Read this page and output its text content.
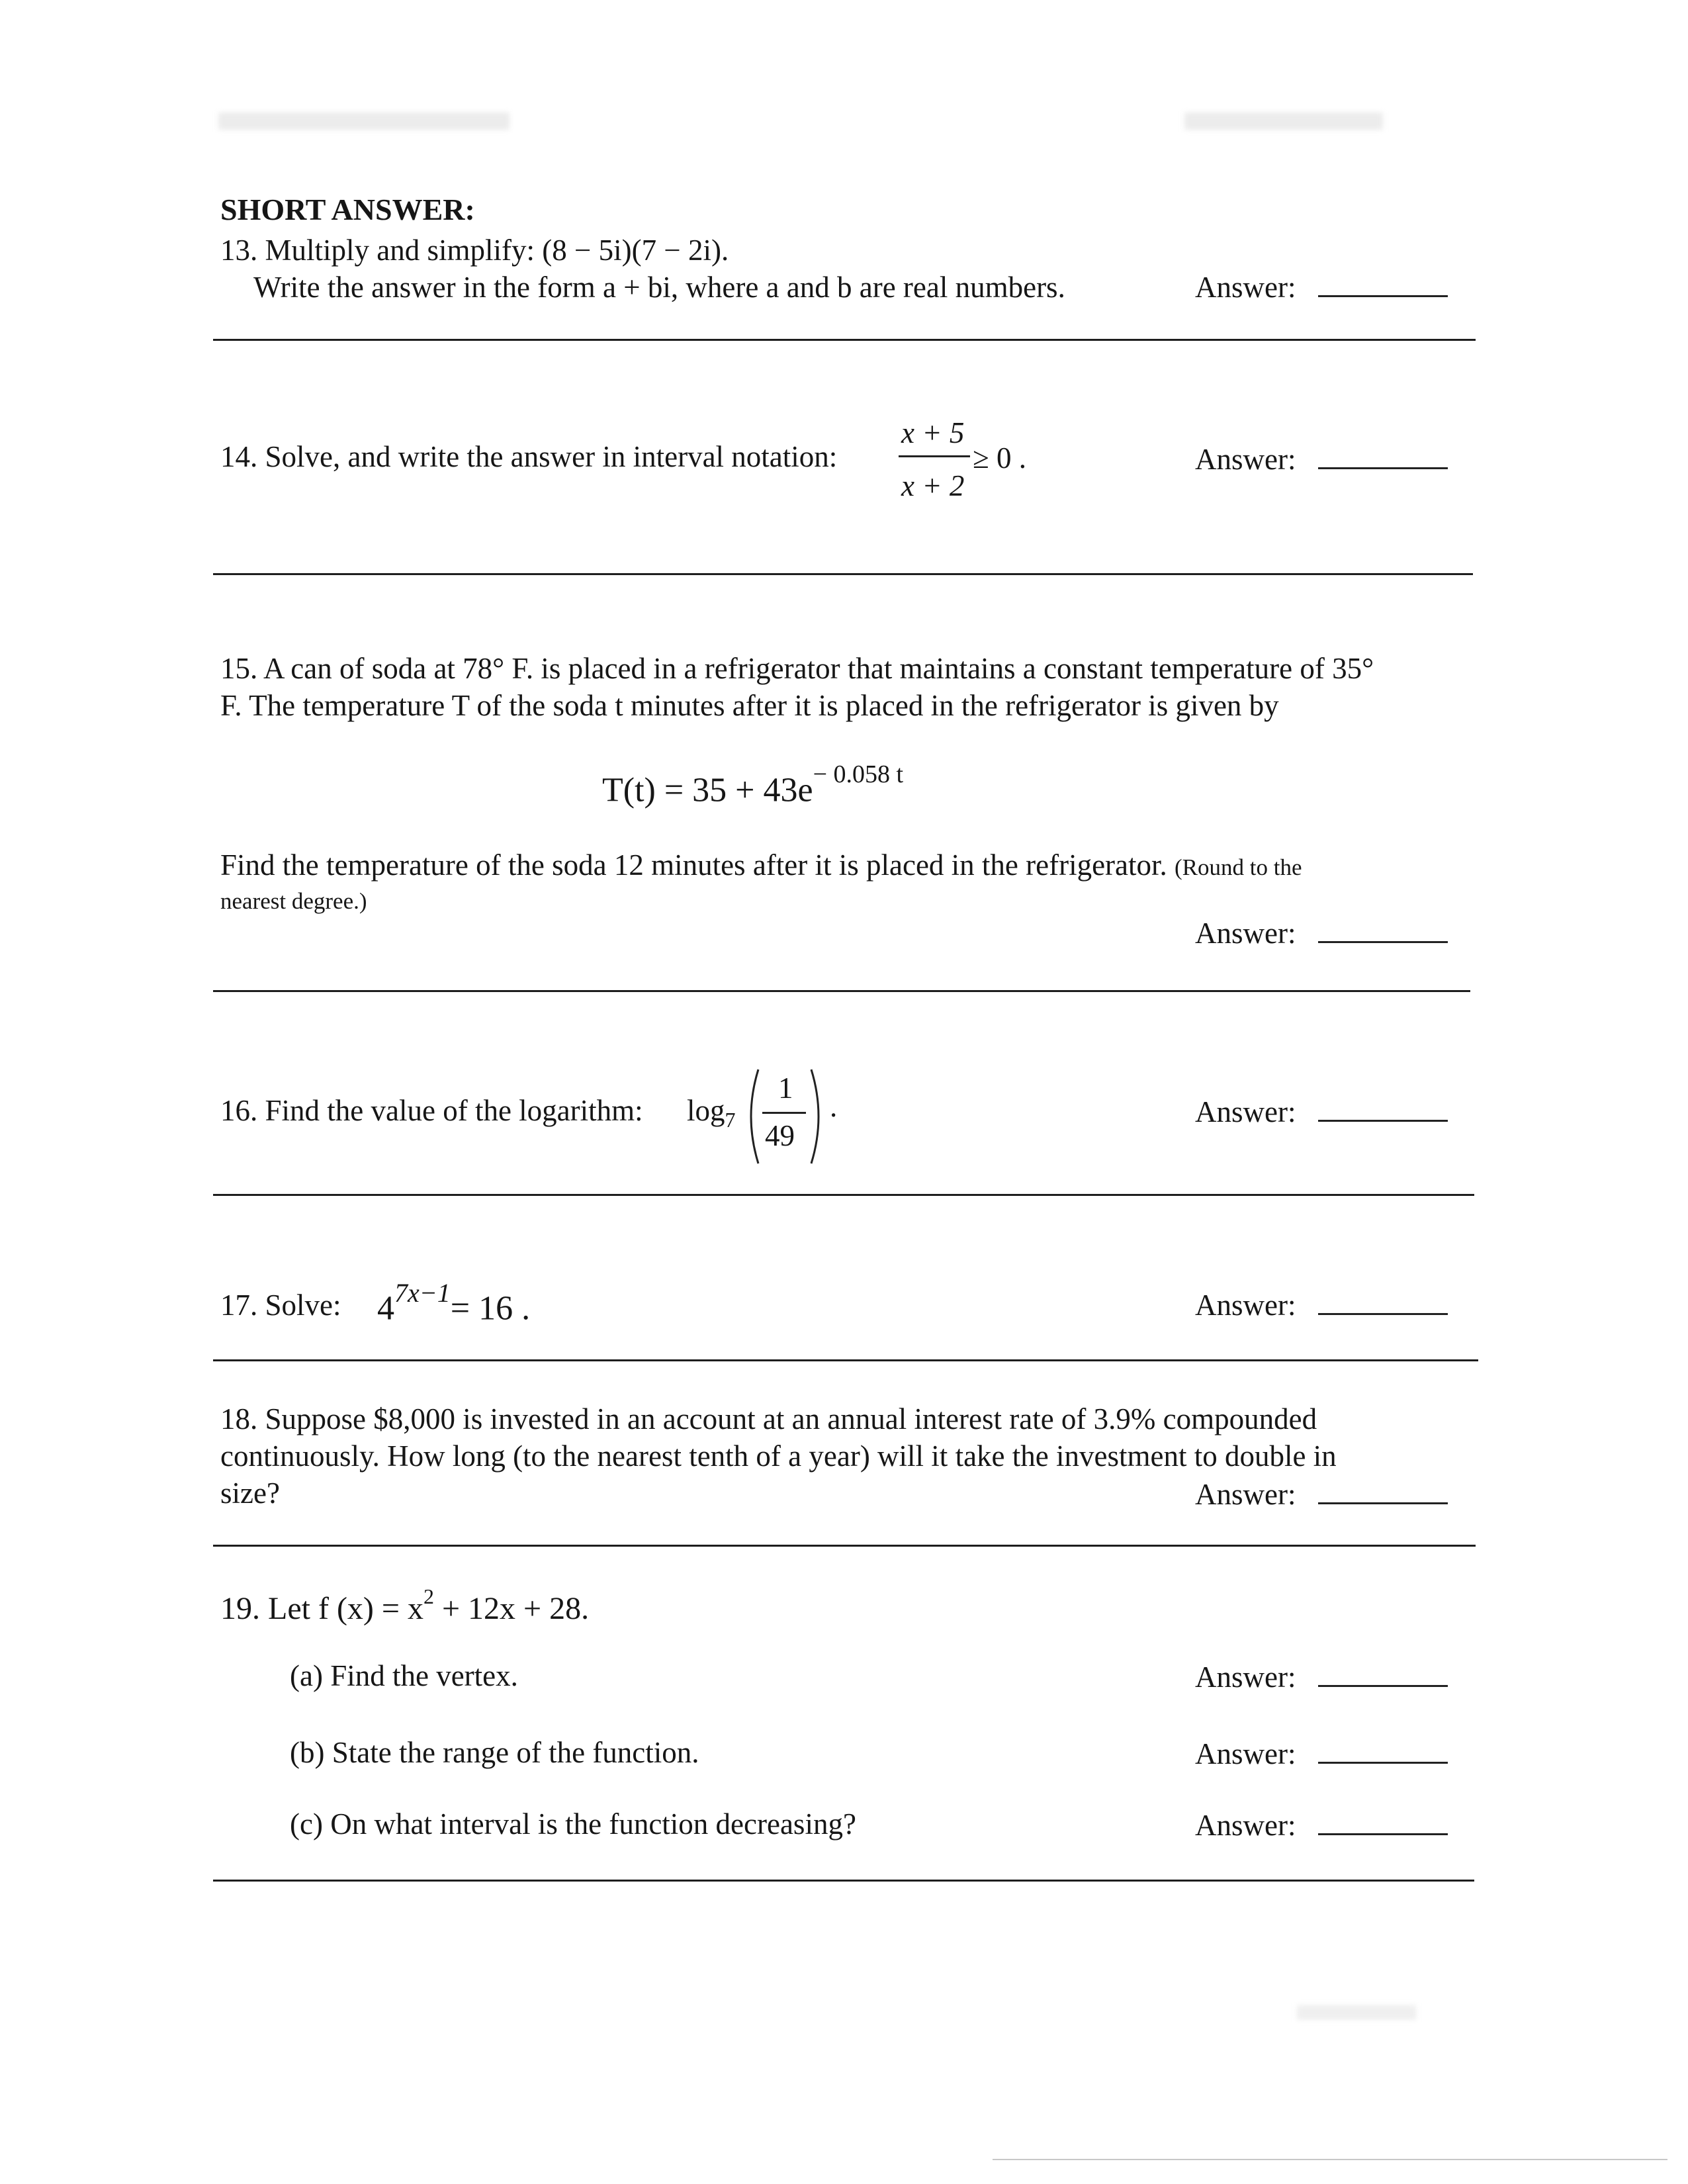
SHORT ANSWER:
13. Multiply and simplify: (8 − 5i)(7 − 2i).
Write the answer in the form a + bi, where a and b are real numbers.	Answer:
14. Solve, and write the answer in interval notation:
x + 5
x + 2
≥ 0 .	Answer:
15. A can of soda at 78° F. is placed in a refrigerator that maintains a constant temperature of 35°
F. The temperature T of the soda t minutes after it is placed in the refrigerator is given by
$T(t) = 35 + 43e^{- 0.058 t}$
Find the temperature of the soda 12 minutes after it is placed in the refrigerator. (Round to the
nearest degree.)
Answer:
16. Find the value of the logarithm: $\log_7$
1
49
.	Answer:
17. Solve: $4^{7x-1}= 16$ .	Answer:
18. Suppose $8,000 is invested in an account at an annual interest rate of 3.9% compounded
continuously. How long (to the nearest tenth of a year) will it take the investment to double in
size?	Answer:
19. Let f $(x) = x^2 + 12x + 28$.
(a) Find the vertex.	Answer:
(b) State the range of the function.	Answer:
(c) On what interval is the function decreasing?	Answer:
